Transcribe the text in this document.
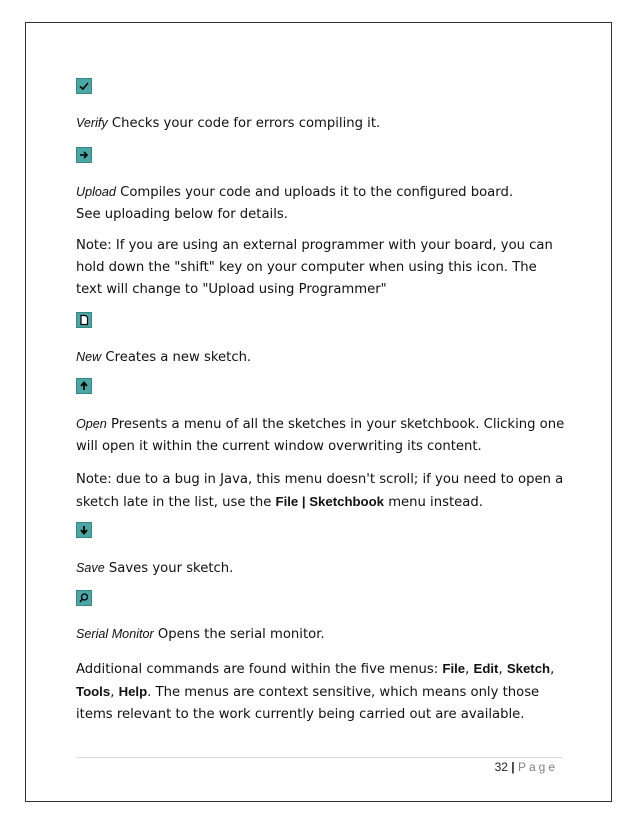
Verify Checks your code for errors compiling it.
Upload Compiles your code and uploads it to the configured board.
See uploading below for details.
Note: If you are using an external programmer with your board, you can hold down the "shift" key on your computer when using this icon. The text will change to "Upload using Programmer"
New Creates a new sketch.
Open Presents a menu of all the sketches in your sketchbook. Clicking one will open it within the current window overwriting its content.
Note: due to a bug in Java, this menu doesn't scroll; if you need to open a sketch late in the list, use the File | Sketchbook menu instead.
Save Saves your sketch.
Serial Monitor Opens the serial monitor.
Additional commands are found within the five menus: File, Edit, Sketch, Tools, Help. The menus are context sensitive, which means only those items relevant to the work currently being carried out are available.
32 | Page
